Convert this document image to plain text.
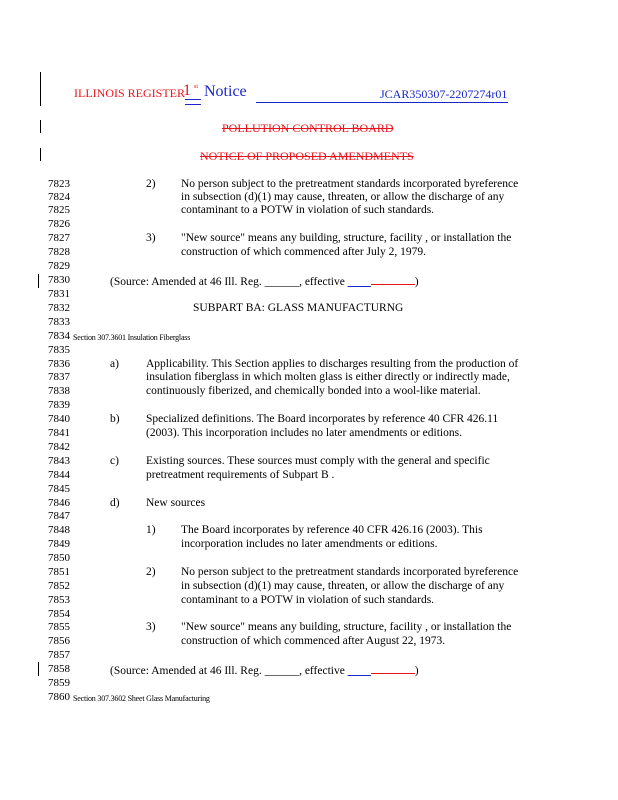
ILLINOIS REGISTER
1 st Notice	JCAR350307-2207274r01
POLLUTION CONTROL BOARD
NOTICE OF PROPOSED AMENDMENTS
7823
7824
7825
7826
7827
7828
7829
7830
7831
7832
7833
7834
7835
7836
7837
7838
7839
7840
7841
7842
7843
7844
7845
7846
7847
7848
7849
7850
7851
7852
7853
7854
7855
7856
7857
7858
7859
7860
2) No person subject to the pretreatment standards incorporated byreference
in subsection (d)(1) may cause, threaten, or allow the discharge of any
contaminant to a POTW in violation of such standards.
3) "New source" means any building, structure, facility , or installation the
construction of which commenced after July 2, 1979.
(Source: Amended at 46 Ill. Reg. ______, effective ____	)
SUBPART BA: GLASS MANUFACTURNG
Section 307.3601 Insulation Fiberglass
a) Applicability. This Section applies to discharges resulting from the production of
insulation fiberglass in which molten glass is either directly or indirectly made,
continuously fiberized, and chemically bonded into a wool-like material.
b) Specialized definitions. The Board incorporates by reference 40 CFR 426.11
(2003). This incorporation includes no later amendments or editions.
c) Existing sources. These sources must comply with the general and specific
pretreatment requirements of Subpart B .
d) New sources
1) The Board incorporates by reference 40 CFR 426.16 (2003). This
incorporation includes no later amendments or editions.
2) No person subject to the pretreatment standards incorporated byreference
in subsection (d)(1) may cause, threaten, or allow the discharge of any
contaminant to a POTW in violation of such standards.
3) "New source" means any building, structure, facility , or installation the
construction of which commenced after August 22, 1973.
(Source: Amended at 46 Ill. Reg. ______, effective ____	)
Section 307.3602 Sheet Glass Manufacturing
